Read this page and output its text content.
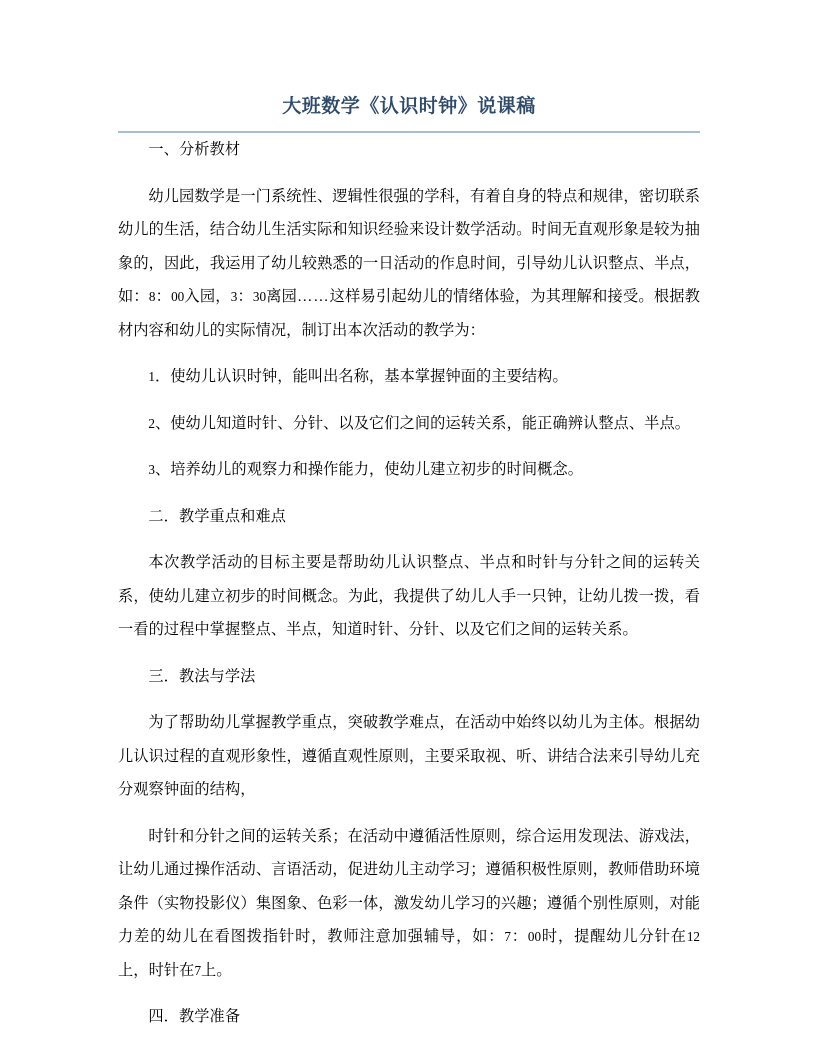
大班数学《认识时钟》说课稿

一、分析教材

幼儿园数学是一门系统性、逻辑性很强的学科，有着自身的特点和规律，密切联系幼儿的生活，结合幼儿生活实际和知识经验来设计数学活动。时间无直观形象是较为抽象的，因此，我运用了幼儿较熟悉的一日活动的作息时间，引导幼儿认识整点、半点，如：8：00入园，3：30离园……这样易引起幼儿的情绪体验，为其理解和接受。根据教材内容和幼儿的实际情况，制订出本次活动的教学为：

1．使幼儿认识时钟，能叫出名称，基本掌握钟面的主要结构。

2、使幼儿知道时针、分针、以及它们之间的运转关系，能正确辨认整点、半点。

3、培养幼儿的观察力和操作能力，使幼儿建立初步的时间概念。

二．教学重点和难点

本次教学活动的目标主要是帮助幼儿认识整点、半点和时针与分针之间的运转关系，使幼儿建立初步的时间概念。为此，我提供了幼儿人手一只钟，让幼儿拨一拨，看一看的过程中掌握整点、半点，知道时针、分针、以及它们之间的运转关系。

三．教法与学法

为了帮助幼儿掌握教学重点，突破教学难点，在活动中始终以幼儿为主体。根据幼儿认识过程的直观形象性，遵循直观性原则，主要采取视、听、讲结合法来引导幼儿充分观察钟面的结构，

时针和分针之间的运转关系；在活动中遵循活性原则，综合运用发现法、游戏法，让幼儿通过操作活动、言语活动，促进幼儿主动学习；遵循积极性原则，教师借助环境条件（实物投影仪）集图象、色彩一体，激发幼儿学习的兴趣；遵循个别性原则，对能力差的幼儿在看图拨指针时，教师注意加强辅导，如：7：00时，提醒幼儿分针在12上，时针在7上。

四．教学准备
